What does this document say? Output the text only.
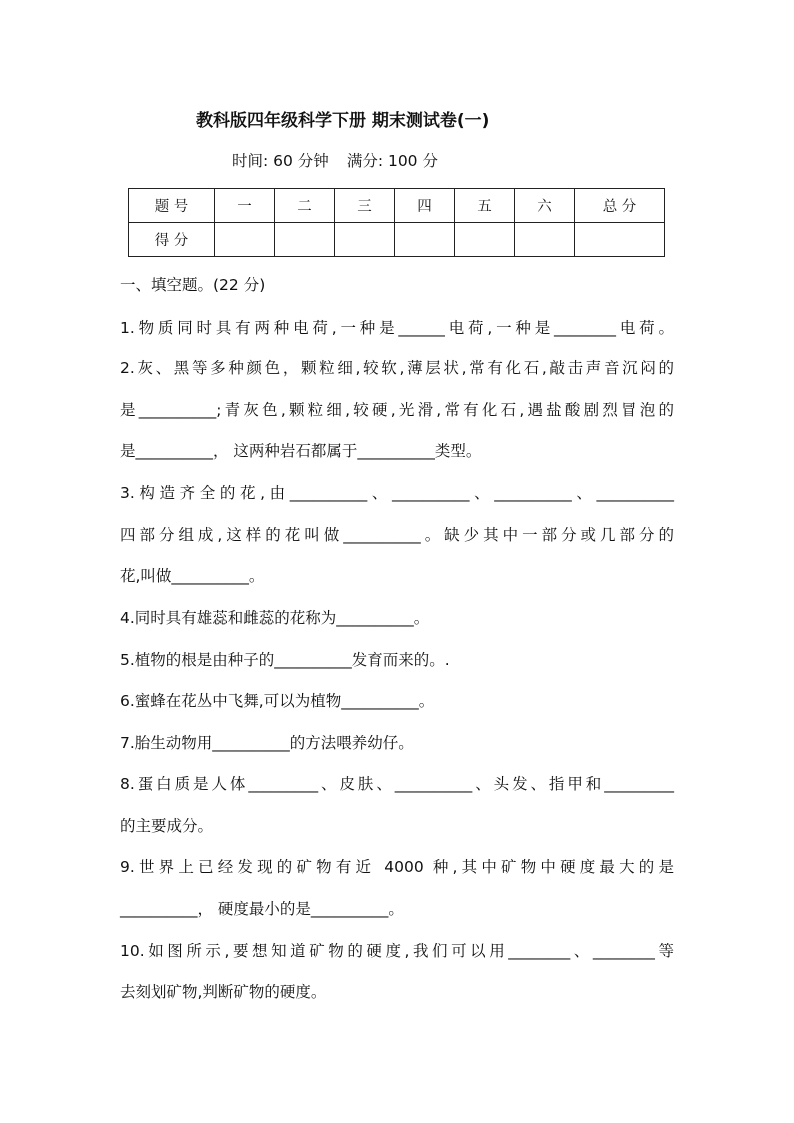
教科版四年级科学下册 期末测试卷(一)
时间: 60 分钟 满分: 100 分
题 号	一	二	三	四	五	六	总 分
得 分							
一、填空题。(22 分)
1.物质同时具有两种电荷,一种是______电荷,一种是________电荷。
2.灰、黑等多种颜色，颗粒细,较软,薄层状,常有化石,敲击声音沉闷的
是__________;青灰色,颗粒细,较硬,光滑,常有化石,遇盐酸剧烈冒泡的
是__________， 这两种岩石都属于__________类型。
3.构造齐全的花,由__________、__________、__________、__________
四部分组成,这样的花叫做__________。缺少其中一部分或几部分的
花,叫做__________。
4.同时具有雄蕊和雌蕊的花称为__________。
5.植物的根是由种子的__________发育而来的。.
6.蜜蜂在花丛中飞舞,可以为植物__________。
7.胎生动物用__________的方法喂养幼仔。
8.蛋白质是人体_________、皮肤、__________、头发、指甲和_________
的主要成分。
9.世界上已经发现的矿物有近 4000 种,其中矿物中硬度最大的是
__________， 硬度最小的是__________。
10.如图所示,要想知道矿物的硬度,我们可以用________、________等
去刻划矿物,判断矿物的硬度。
